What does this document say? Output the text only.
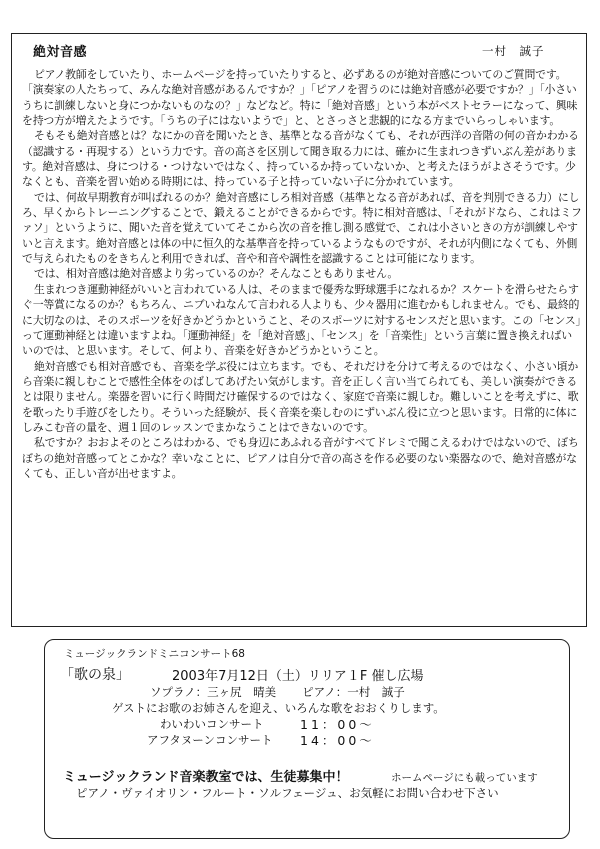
絶対音感	一村　誠子

ピアノ教師をしていたり、ホームページを持っていたりすると、必ずあるのが絶対音感についてのご質問です。「演奏家の人たちって、みんな絶対音感があるんですか？」「ピアノを習うのには絶対音感が必要ですか？」「小さいうちに訓練しないと身につかないものなの？」などなど。特に「絶対音感」という本がベストセラーになって、興味を持つ方が増えたようです。「うちの子にはないようで」と、とさっさと悲観的になる方までいらっしゃいます。

そもそも絶対音感とは？なにかの音を聞いたとき、基準となる音がなくても、それが西洋の音階の何の音かわかる（認識する・再現する）という力です。音の高さを区別して聞き取る力には、確かに生まれつきずいぶん差があります。絶対音感は、身につける・つけないではなく、持っているか持っていないか、と考えたほうがよさそうです。少なくとも、音楽を習い始める時期には、持っている子と持っていない子に分かれています。

では、何故早期教育が叫ばれるのか？絶対音感にしろ相対音感（基準となる音があれば、音を判別できる力）にしろ、早くからトレーニングすることで、鍛えることができるからです。特に相対音感は、「それがドなら、これはミファソ」というように、聞いた音を覚えていてそこから次の音を推し測る感覚で、これは小さいときの方が訓練しやすいと言えます。絶対音感とは体の中に恒久的な基準音を持っているようなものですが、それが内側になくても、外側で与えられたものをきちんと利用できれば、音や和音や調性を認識することは可能になります。

では、相対音感は絶対音感より劣っているのか？そんなこともありません。

生まれつき運動神経がいいと言われている人は、そのままで優秀な野球選手になれるか？スケートを滑らせたらすぐ一等賞になるのか？もちろん、ニブいねなんて言われる人よりも、少々器用に進むかもしれません。でも、最終的に大切なのは、そのスポーツを好きかどうかということ、そのスポーツに対するセンスだと思います。この「センス」って運動神経とは違いますよね。「運動神経」を「絶対音感」、「センス」を「音楽性」という言葉に置き換えればいいのでは、と思います。そして、何より、音楽を好きかどうかということ。

絶対音感でも相対音感でも、音楽を学ぶ役には立ちます。でも、それだけを分けて考えるのではなく、小さい頃から音楽に親しむことで感性全体をのばしてあげたい気がします。音を正しく言い当てられても、美しい演奏ができるとは限りません。楽器を習いに行く時間だけ確保するのではなく、家庭で音楽に親しむ。難しいことを考えずに、歌を歌ったり手遊びをしたり。そういった経験が、長く音楽を楽しむのにずいぶん役に立つと思います。日常的に体にしみこむ音の量を、週１回のレッスンでまかなうことはできないのです。

私ですか？おおよそのところはわかる、でも身辺にあふれる音がすべてドレミで聞こえるわけではないので、ぼちぼちの絶対音感ってとこかな？幸いなことに、ピアノは自分で音の高さを作る必要のない楽器なので、絶対音感がなくても、正しい音が出せますよ。

ミュージックランドミニコンサート68
「歌の泉」	2003年7月12日（土）リリア１F 催し広場
ソプラノ：三ヶ尻　晴美 ピアノ：一村　誠子
ゲストにお歌のお姉さんを迎え、いろんな歌をおおくりします。
わいわいコンサート	11：00〜
アフタヌーンコンサート 14：00〜
ミュージックランド音楽教室では、生徒募集中！	ホームページにも載っています
ピアノ・ヴァイオリン・フルート・ソルフェージュ、お気軽にお問い合わせ下さい
